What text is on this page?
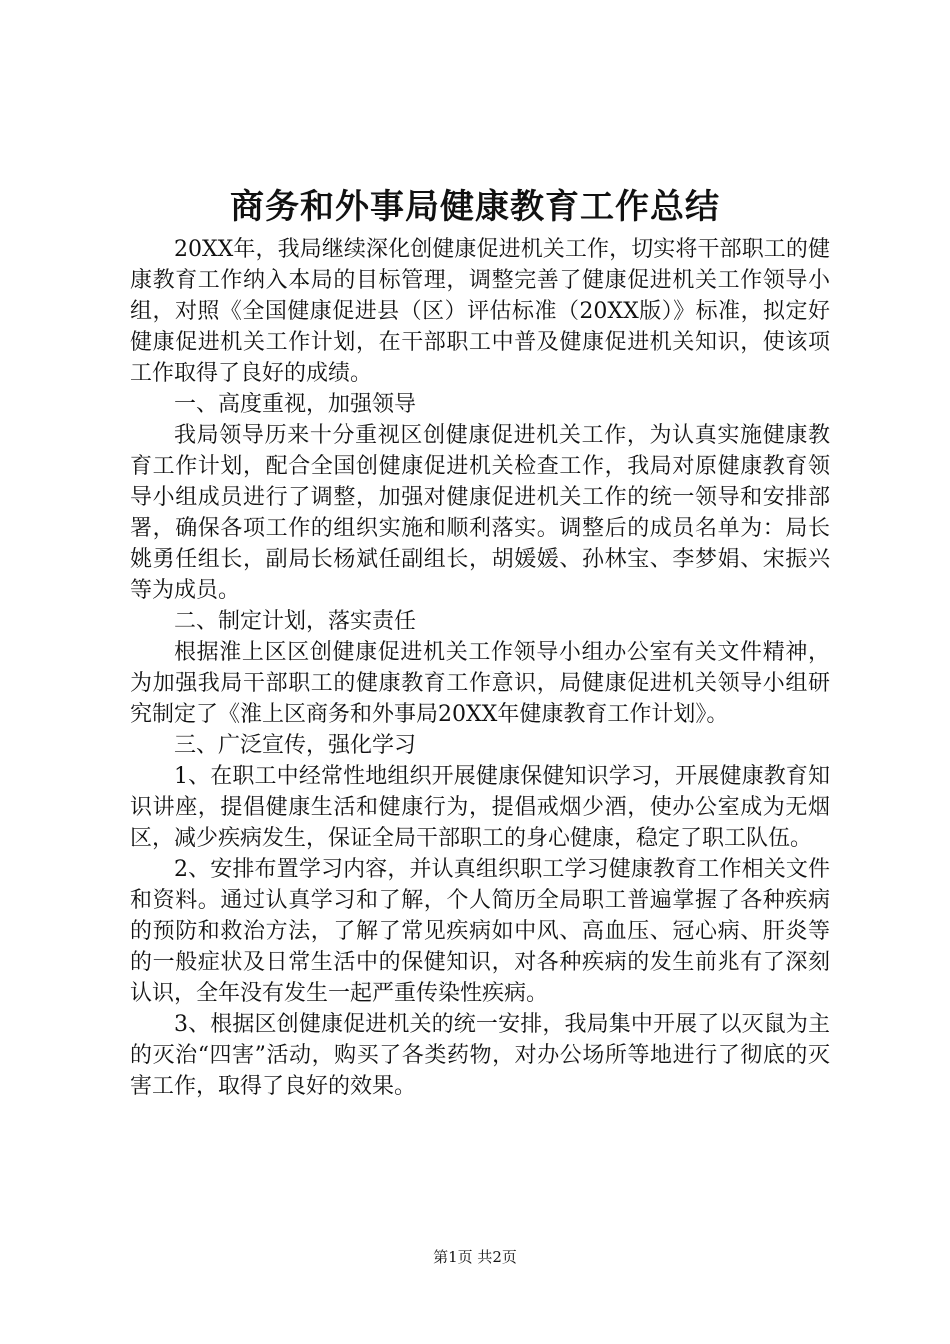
商务和外事局健康教育工作总结

20XX年，我局继续深化创健康促进机关工作，切实将干部职工的健康教育工作纳入本局的目标管理，调整完善了健康促进机关工作领导小组，对照《全国健康促进县（区）评估标准（20XX版）》标准，拟定好健康促进机关工作计划，在干部职工中普及健康促进机关知识，使该项工作取得了良好的成绩。

一、高度重视，加强领导

我局领导历来十分重视区创健康促进机关工作，为认真实施健康教育工作计划，配合全国创健康促进机关检查工作，我局对原健康教育领导小组成员进行了调整，加强对健康促进机关工作的统一领导和安排部署，确保各项工作的组织实施和顺利落实。调整后的成员名单为：局长姚勇任组长，副局长杨斌任副组长，胡媛媛、孙林宝、李梦娟、宋振兴等为成员。

二、制定计划，落实责任

根据淮上区区创健康促进机关工作领导小组办公室有关文件精神，为加强我局干部职工的健康教育工作意识，局健康促进机关领导小组研究制定了《淮上区商务和外事局20XX年健康教育工作计划》。

三、广泛宣传，强化学习

1、在职工中经常性地组织开展健康保健知识学习，开展健康教育知识讲座，提倡健康生活和健康行为，提倡戒烟少酒，使办公室成为无烟区，减少疾病发生，保证全局干部职工的身心健康，稳定了职工队伍。

2、安排布置学习内容，并认真组织职工学习健康教育工作相关文件和资料。通过认真学习和了解，个人简历全局职工普遍掌握了各种疾病的预防和救治方法，了解了常见疾病如中风、高血压、冠心病、肝炎等的一般症状及日常生活中的保健知识，对各种疾病的发生前兆有了深刻认识，全年没有发生一起严重传染性疾病。

3、根据区创健康促进机关的统一安排，我局集中开展了以灭鼠为主的灭治“四害”活动，购买了各类药物，对办公场所等地进行了彻底的灭害工作，取得了良好的效果。

第1页 共2页
